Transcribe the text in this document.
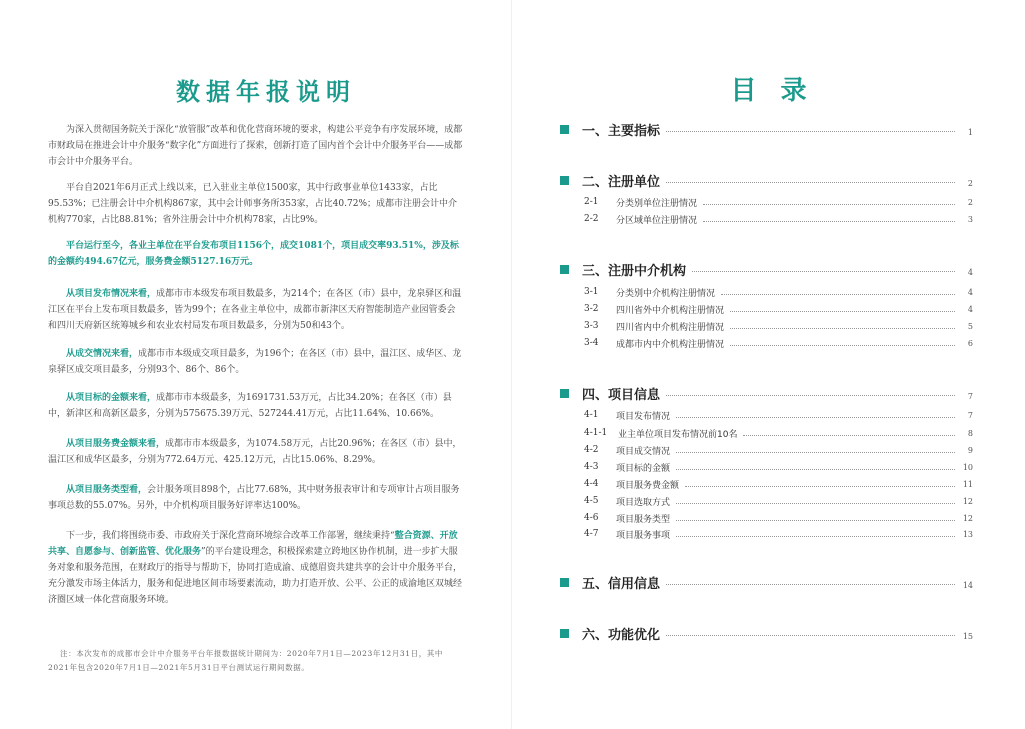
数据年报说明
为深入贯彻国务院关于深化“放管服”改革和优化营商环境的要求，构建公平竞争有序发展环境，成都市财政局在推进会计中介服务“数字化”方面进行了探索，创新打造了国内首个会计中介服务平台——成都市会计中介服务平台。
平台自2021年6月正式上线以来，已入驻业主单位1500家，其中行政事业单位1433家，占比95.53%；已注册会计中介机构867家，其中会计师事务所353家，占比40.72%；成都市注册会计中介机构770家，占比88.81%；省外注册会计中介机构78家，占比9%。
平台运行至今，各业主单位在平台发布项目1156个，成交1081个，项目成交率93.51%，涉及标的金额约494.67亿元，服务费金额5127.16万元。
从项目发布情况来看，成都市市本级发布项目数最多，为214个；在各区（市）县中，龙泉驿区和温江区在平台上发布项目数最多，皆为99个；在各业主单位中，成都市新津区天府智能制造产业园管委会和四川天府新区统筹城乡和农业农村局发布项目数最多，分别为50和43个。
从成交情况来看，成都市市本级成交项目最多，为196个；在各区（市）县中，温江区、成华区、龙泉驿区成交项目最多，分别93个、86个、86个。
从项目标的金额来看，成都市市本级最多，为1691731.53万元，占比34.20%；在各区（市）县中，新津区和高新区最多，分别为575675.39万元、527244.41万元，占比11.64%、10.66%。
从项目服务费金额来看，成都市市本级最多，为1074.58万元，占比20.96%；在各区（市）县中，温江区和成华区最多，分别为772.64万元、425.12万元，占比15.06%、8.29%。
从项目服务类型看，会计服务项目898个，占比77.68%，其中财务报表审计和专项审计占项目服务事项总数的55.07%。另外，中介机构项目服务好评率达100%。
下一步，我们将围绕市委、市政府关于深化营商环境综合改革工作部署，继续秉持“整合资源、开放共享、自愿参与、创新监管、优化服务”的平台建设理念，积极探索建立跨地区协作机制，进一步扩大服务对象和服务范围，在财政厅的指导与帮助下，协同打造成渝、成德眉资共建共享的会计中介服务平台，充分激发市场主体活力，服务和促进地区间市场要素流动，助力打造开放、公平、公正的成渝地区双城经济圈区域一体化营商服务环境。
注：本次发布的成都市会计中介服务平台年报数据统计期间为：2020年7月1日—2023年12月31日，其中2021年包含2020年7月1日—2021年5月31日平台测试运行期间数据。
目录
一、主要指标	1
二、注册单位	2
2-1	分类别单位注册情况	2
2-2	分区域单位注册情况	3
三、注册中介机构	4
3-1	分类别中介机构注册情况	4
3-2	四川省外中介机构注册情况	4
3-3	四川省内中介机构注册情况	5
3-4	成都市内中介机构注册情况	6
四、项目信息	7
4-1	项目发布情况	7
4-1-1	业主单位项目发布情况前10名	8
4-2	项目成交情况	9
4-3	项目标的金额	10
4-4	项目服务费金额	11
4-5	项目选取方式	12
4-6	项目服务类型	12
4-7	项目服务事项	13
五、信用信息	14
六、功能优化	15
